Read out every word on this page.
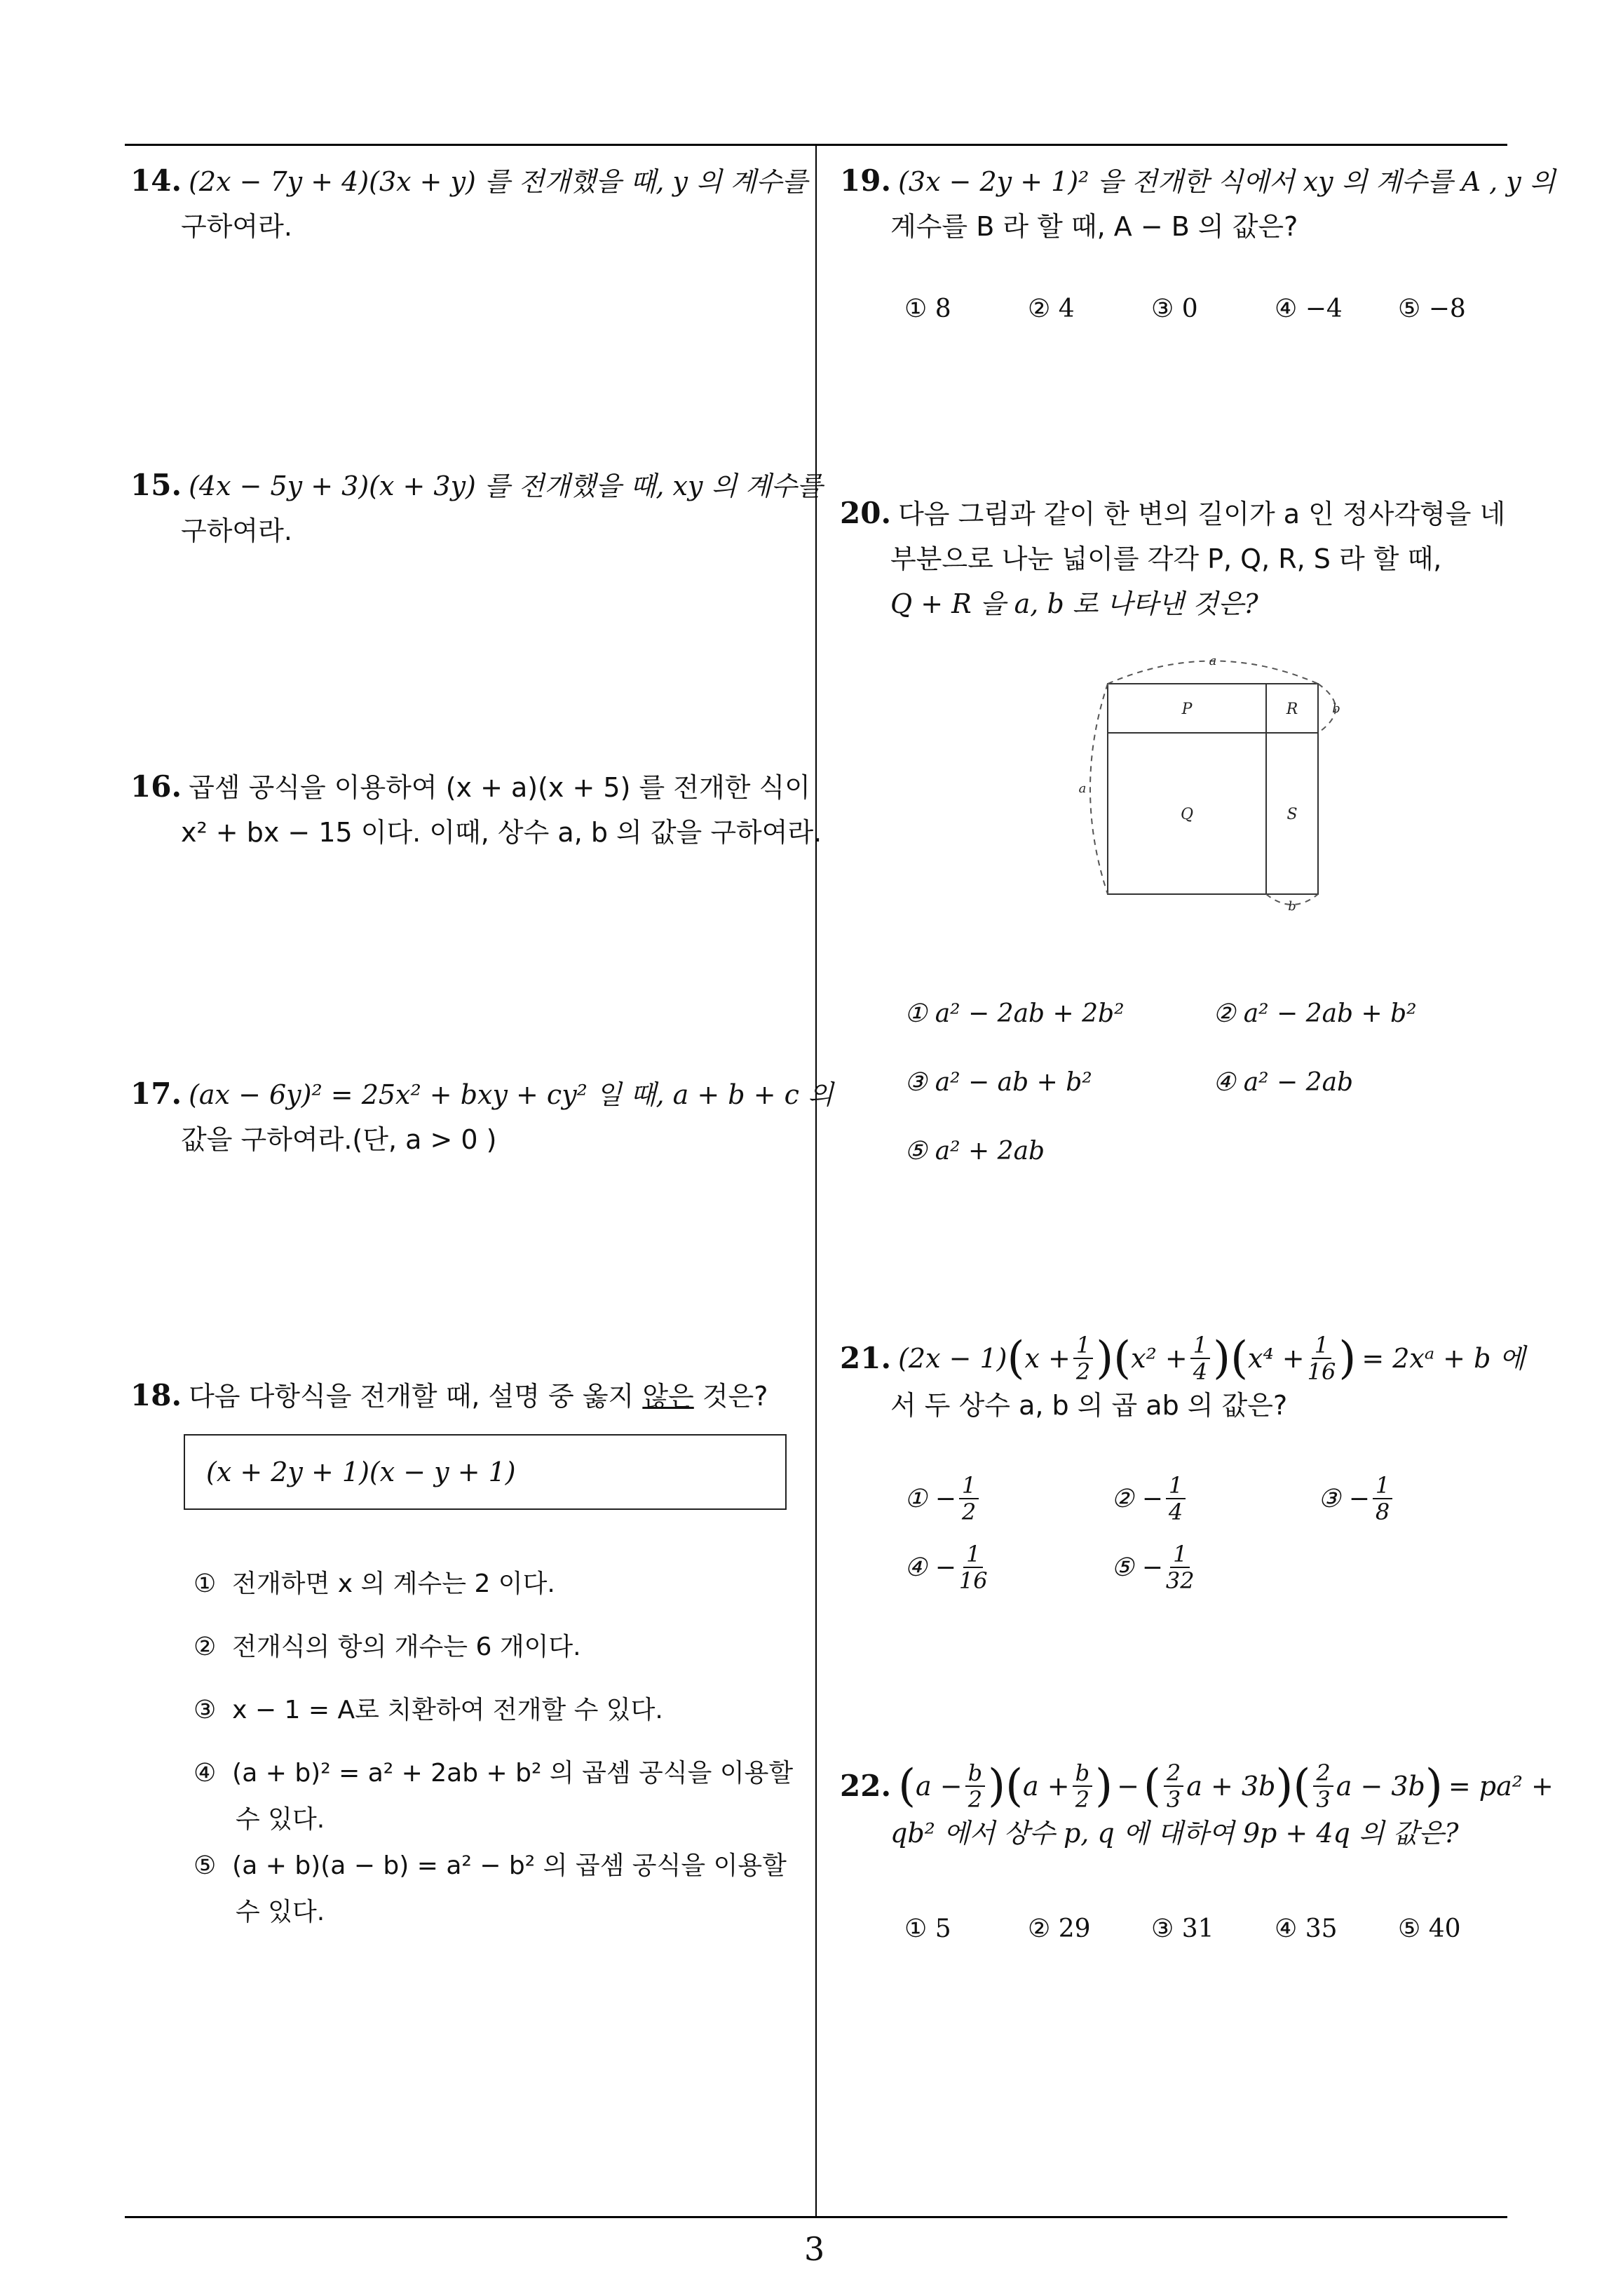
14. (2x − 7y + 4)(3x + y) 를 전개했을 때, y 의 계수를
구하여라.
15. (4x − 5y + 3)(x + 3y) 를 전개했을 때, xy 의 계수를
구하여라.
16. 곱셈 공식을 이용하여 (x + a)(x + 5) 를 전개한 식이
x² + bx − 15 이다. 이때, 상수 a, b 의 값을 구하여라.
17. (ax − 6y)² = 25x² + bxy + cy² 일 때, a + b + c 의
값을 구하여라.(단, a > 0 )
18. 다음 다항식을 전개할 때, 설명 중 옳지 않은 것은?
(x + 2y + 1)(x − y + 1)
① 전개하면 x 의 계수는 2 이다.
② 전개식의 항의 개수는 6 개이다.
③ x − 1 = A로 치환하여 전개할 수 있다.
④ (a + b)² = a² + 2ab + b² 의 곱셈 공식을 이용할
수 있다.
⑤ (a + b)(a − b) = a² − b² 의 곱셈 공식을 이용할
수 있다.
19. (3x − 2y + 1)² 을 전개한 식에서 xy 의 계수를 A , y 의
계수를 B 라 할 때, A − B 의 값은?
① 8	② 4	③ 0	④ −4 ⑤ −8
20. 다음 그림과 같이 한 변의 길이가 a 인 정사각형을 네
부분으로 나눈 넓이를 각각 P, Q, R, S 라 할 때,
Q + R 을 a, b 로 나타낸 것은?
P	R
Q	S
a
a
b
b
① a² − 2ab + 2b²	② a² − 2ab + b²
③ a² − ab + b²	④ a² − 2ab
⑤ a² + 2ab
21. (2x − 1) ( $x + \frac{1}{2}$ ) ( $x^2 + \frac{1}{4}$ ) ( $x^4 + \frac{1}{16}$ ) = 2xᵃ + b 에
서 두 상수 a, b 의 곱 ab 의 값은?
① − $\frac{1}{2}$	② − $\frac{1}{4}$	③ − $\frac{1}{8}$
④ − $\frac{1}{16}$	⑤ − $\frac{1}{32}$
22. ( $a - \frac{b}{2}$ ) ( $a + \frac{b}{2}$ ) − ( $\frac{2}{3}$ a + 3b ) ( $\frac{2}{3}$ a − 3b ) = pa² +
qb² 에서 상수 p, q 에 대하여 9p + 4q 의 값은?
① 5	② 29 ③ 31 ④ 35 ⑤ 40
3
